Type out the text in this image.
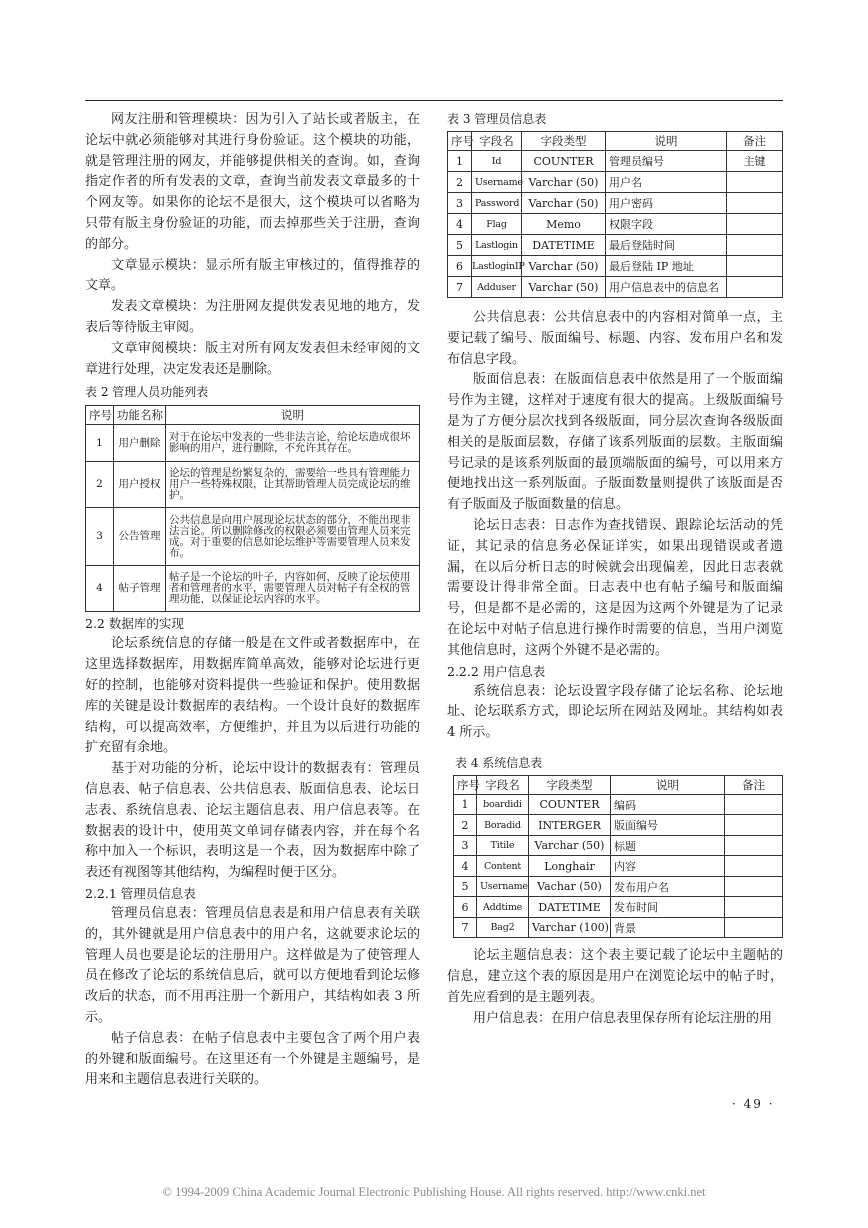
网友注册和管理模块：因为引入了站长或者版主，在论坛中就必须能够对其进行身份验证。这个模块的功能，就是管理注册的网友，并能够提供相关的查询。如，查询指定作者的所有发表的文章，查询当前发表文章最多的十个网友等。如果你的论坛不是很大，这个模块可以省略为只带有版主身份验证的功能，而去掉那些关于注册，查询的部分。

文章显示模块：显示所有版主审核过的，值得推荐的文章。

发表文章模块：为注册网友提供发表见地的地方，发表后等待版主审阅。

文章审阅模块：版主对所有网友发表但未经审阅的文章进行处理，决定发表还是删除。

表 2 管理人员功能列表

序号	功能名称	说明
1	用户删除	对于在论坛中发表的一些非法言论，给论坛造成很坏影响的用户，进行删除，不允许其存在。
2	用户授权	论坛的管理是纷繁复杂的，需要给一些具有管理能力用户一些特殊权限，让其帮助管理人员完成论坛的维护。
3	公告管理	公共信息是向用户展现论坛状态的部分，不能出现非法言论。所以删除修改的权限必须要由管理人员来完成。对于重要的信息如论坛维护等需要管理人员来发布。
4	帖子管理	帖子是一个论坛的叶子，内容如何，反映了论坛使用者和管理者的水平，需要管理人员对帖子有全权的管理功能，以保证论坛内容的水平。

2.2 数据库的实现

论坛系统信息的存储一般是在文件或者数据库中，在这里选择数据库，用数据库简单高效，能够对论坛进行更好的控制，也能够对资料提供一些验证和保护。使用数据库的关键是设计数据库的表结构。一个设计良好的数据库结构，可以提高效率，方便维护，并且为以后进行功能的扩充留有余地。

基于对功能的分析，论坛中设计的数据表有：管理员信息表、帖子信息表、公共信息表、版面信息表、论坛日志表、系统信息表、论坛主题信息表、用户信息表等。在数据表的设计中，使用英文单词存储表内容，并在每个名称中加入一个标识，表明这是一个表，因为数据库中除了表还有视图等其他结构，为编程时便于区分。

2.2.1 管理员信息表

管理员信息表：管理员信息表是和用户信息表有关联的，其外键就是用户信息表中的用户名，这就要求论坛的管理人员也要是论坛的注册用户。这样做是为了使管理人员在修改了论坛的系统信息后，就可以方便地看到论坛修改后的状态，而不用再注册一个新用户，其结构如表 3 所示。

帖子信息表：在帖子信息表中主要包含了两个用户表的外键和版面编号。在这里还有一个外键是主题编号，是用来和主题信息表进行关联的。

表 3 管理员信息表

序号	字段名	字段类型	说明	备注
1	Id	COUNTER	管理员编号	主键
2	Username	Varchar (50)	用户名	
3	Password	Varchar (50)	用户密码	
4	Flag	Memo	权限字段	
5	Lastlogin	DATETIME	最后登陆时间	
6	LastloginIP	Varchar (50)	最后登陆 IP 地址	
7	Adduser	Varchar (50)	用户信息表中的信息名	

公共信息表：公共信息表中的内容相对简单一点，主要记载了编号、版面编号、标题、内容、发布用户名和发布信息字段。

版面信息表：在版面信息表中依然是用了一个版面编号作为主键，这样对于速度有很大的提高。上级版面编号是为了方便分层次找到各级版面，同分层次查询各级版面相关的是版面层数，存储了该系列版面的层数。主版面编号记录的是该系列版面的最顶端版面的编号，可以用来方便地找出这一系列版面。子版面数量则提供了该版面是否有子版面及子版面数量的信息。

论坛日志表：日志作为查找错误、跟踪论坛活动的凭证，其记录的信息务必保证详实，如果出现错误或者遗漏，在以后分析日志的时候就会出现偏差，因此日志表就需要设计得非常全面。日志表中也有帖子编号和版面编号，但是都不是必需的，这是因为这两个外键是为了记录在论坛中对帖子信息进行操作时需要的信息，当用户浏览其他信息时，这两个外键不是必需的。

2.2.2 用户信息表

系统信息表：论坛设置字段存储了论坛名称、论坛地址、论坛联系方式，即论坛所在网站及网址。其结构如表 4 所示。

表 4 系统信息表

序号	字段名	字段类型	说明	备注
1	boardidi	COUNTER	编码	
2	Boradid	INTERGER	版面编号	
3	Titile	Varchar (50)	标题	
4	Content	Longhair	内容	
5	Username	Vachar (50)	发布用户名	
6	Addtime	DATETIME	发布时间	
7	Bag2	Varchar (100)	背景	

论坛主题信息表：这个表主要记载了论坛中主题帖的信息，建立这个表的原因是用户在浏览论坛中的帖子时，首先应看到的是主题列表。

用户信息表：在用户信息表里保存所有论坛注册的用

· 49 ·
© 1994-2009 China Academic Journal Electronic Publishing House. All rights reserved. http://www.cnki.net
